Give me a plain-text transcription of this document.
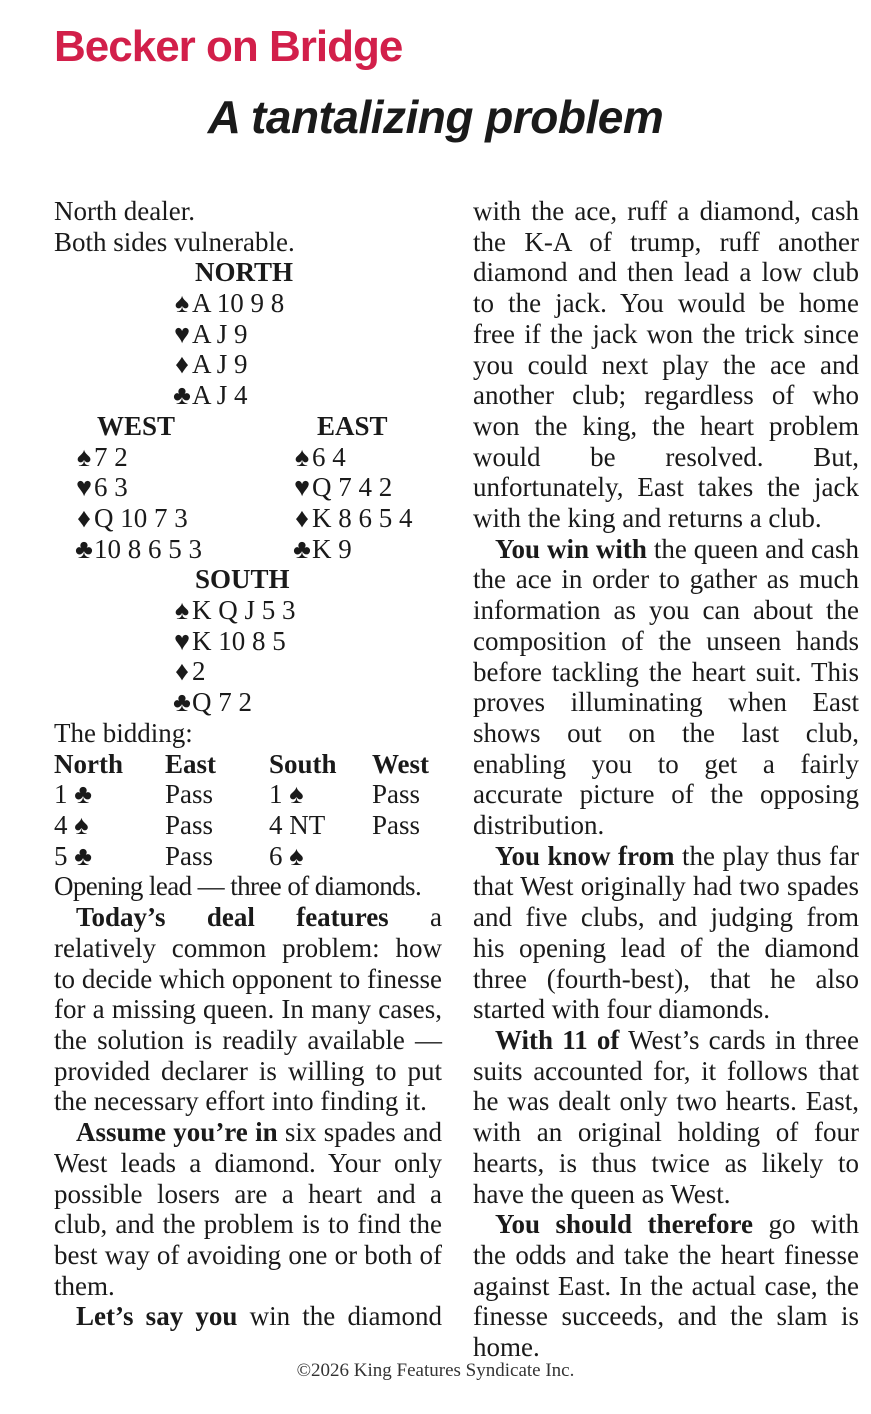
Becker on Bridge
A tantalizing problem
North dealer.
Both sides vulnerable.
NORTH
♠ A 10 9 8
♥A J 9
♦ A J 9
♣A J 4
WEST
♠ 7 2
♥6 3
♦ Q 10 7 3
♣10 8 6 5 3
EAST
♠ 6 4
♥Q 7 4 2
♦ K 8 6 5 4
♣K 9
SOUTH
♠ K Q J 5 3
♥K 10 8 5
♦ 2
♣Q 7 2
The bidding:
North East South West
1 ♣	Pass 1 ♠	Pass
4 ♠	Pass 4 NT Pass
5 ♣	Pass 6 ♠
Opening lead — three of diamonds.

Today’s deal features a relatively common problem: how to decide which opponent to finesse for a missing queen. In many cases, the solution is readily available — provided declarer is willing to put the necessary effort into finding it.

Assume you’re in six spades and West leads a diamond. Your only possible losers are a heart and a club, and the problem is to find the best way of avoiding one or both of them.

Let’s say you win the diamond

with the ace, ruff a diamond, cash the K-A of trump, ruff another diamond and then lead a low club to the jack. You would be home free if the jack won the trick since you could next play the ace and another club; regardless of who won the king, the heart problem would be resolved. But, unfortunately, East takes the jack with the king and returns a club.

You win with the queen and cash the ace in order to gather as much information as you can about the composition of the unseen hands before tackling the heart suit. This proves illuminating when East shows out on the last club, enabling you to get a fairly accurate picture of the opposing distribution.

You know from the play thus far that West originally had two spades and five clubs, and judging from his opening lead of the diamond three (fourth-best), that he also started with four diamonds.

With 11 of West’s cards in three suits accounted for, it follows that he was dealt only two hearts. East, with an original holding of four hearts, is thus twice as likely to have the queen as West.

You should therefore go with the odds and take the heart finesse against East. In the actual case, the finesse succeeds, and the slam is home.

©2026 King Features Syndicate Inc.
